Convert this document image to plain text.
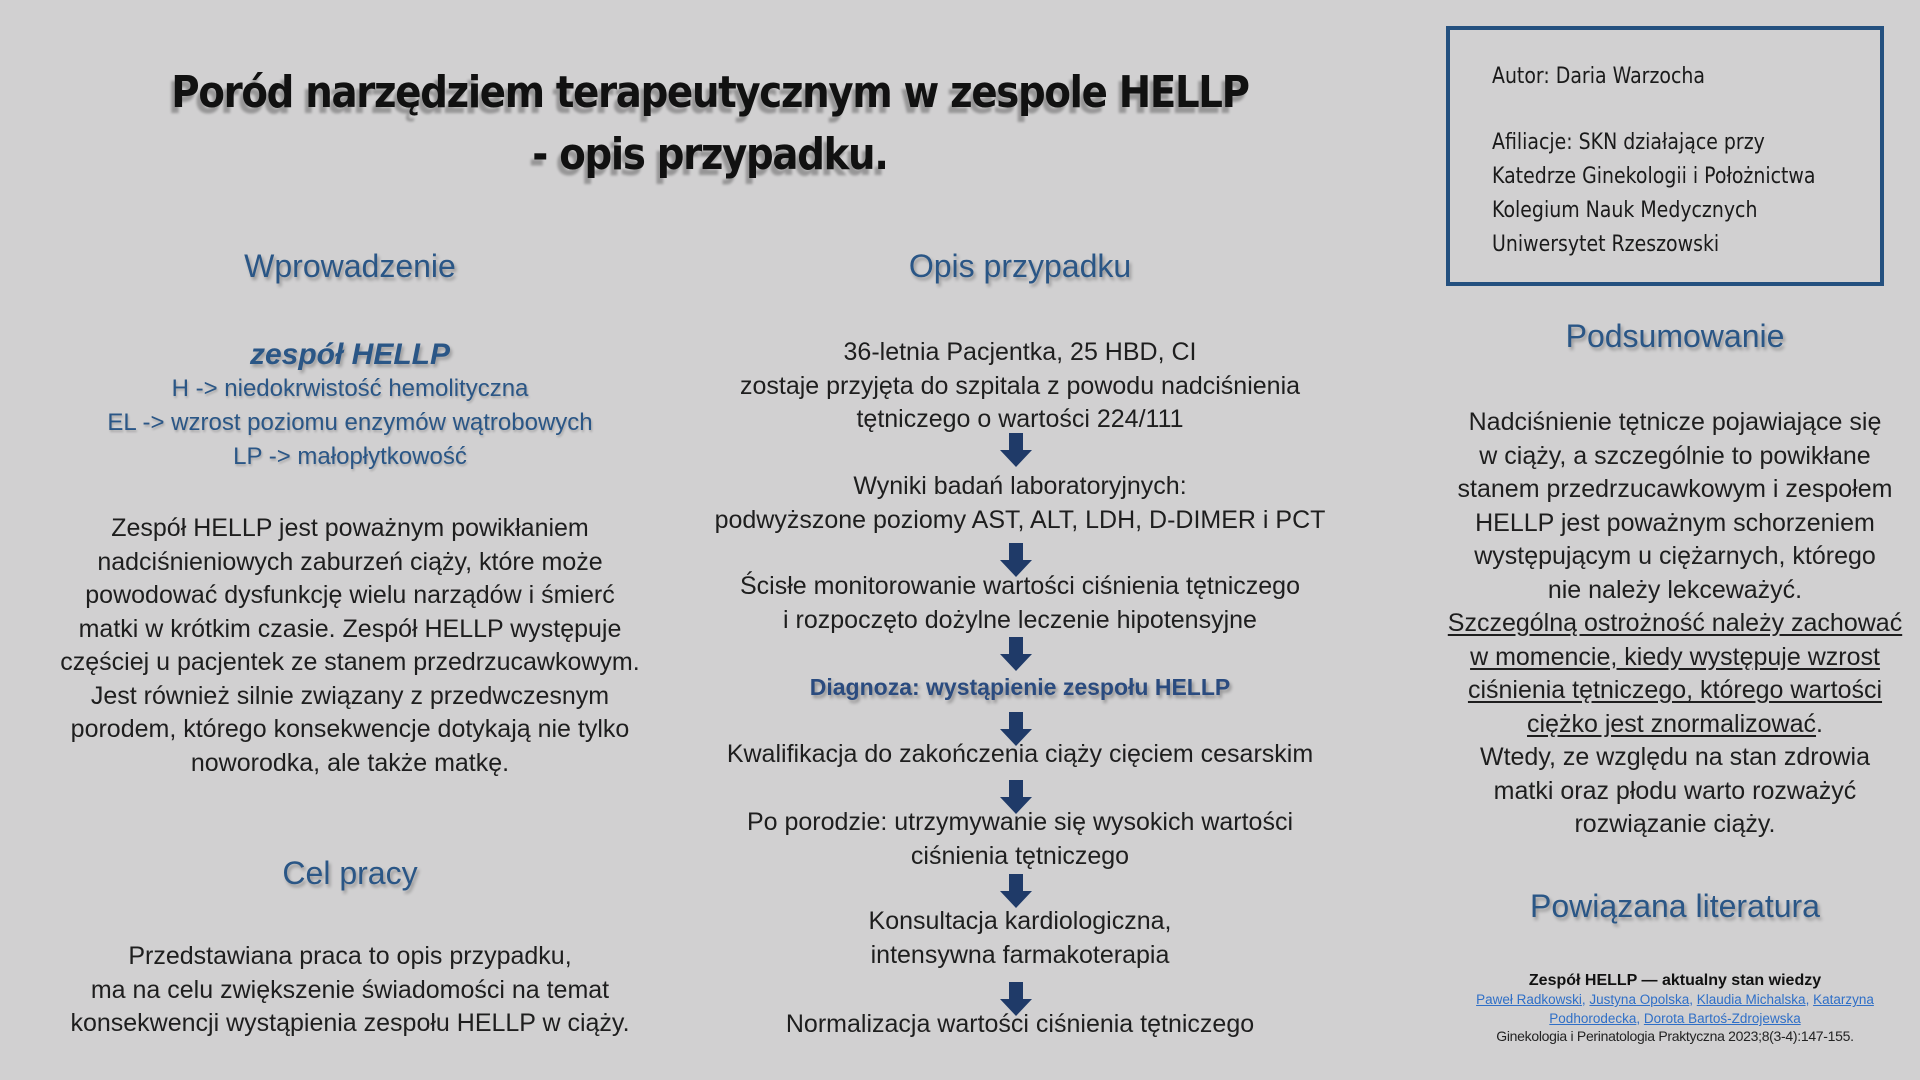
Poród narzędziem terapeutycznym w zespole HELLP
- opis przypadku.
Autor: Daria Warzocha
Afiliacje: SKN działające przy
Katedrze Ginekologii i Położnictwa
Kolegium Nauk Medycznych
Uniwersytet Rzeszowski
Wprowadzenie
zespół HELLP
H -> niedokrwistość hemolityczna
EL -> wzrost poziomu enzymów wątrobowych
LP -> małopłytkowość
Zespół HELLP jest poważnym powikłaniem
nadciśnieniowych zaburzeń ciąży, które może
powodować dysfunkcję wielu narządów i śmierć
matki w krótkim czasie. Zespół HELLP występuje
częściej u pacjentek ze stanem przedrzucawkowym.
Jest również silnie związany z przedwczesnym
porodem, którego konsekwencje dotykają nie tylko
noworodka, ale także matkę.
Cel pracy
Przedstawiana praca to opis przypadku,
ma na celu zwiększenie świadomości na temat
konsekwencji wystąpienia zespołu HELLP w ciąży.
Opis przypadku
36-letnia Pacjentka, 25 HBD, CI
zostaje przyjęta do szpitala z powodu nadciśnienia
tętniczego o wartości 224/111
Wyniki badań laboratoryjnych:
podwyższone poziomy AST, ALT, LDH, D-DIMER i PCT
Ścisłe monitorowanie wartości ciśnienia tętniczego
i rozpoczęto dożylne leczenie hipotensyjne
Diagnoza: wystąpienie zespołu HELLP
Kwalifikacja do zakończenia ciąży cięciem cesarskim
Po porodzie: utrzymywanie się wysokich wartości
ciśnienia tętniczego
Konsultacja kardiologiczna,
intensywna farmakoterapia
Normalizacja wartości ciśnienia tętniczego
Podsumowanie
Nadciśnienie tętnicze pojawiające się
w ciąży, a szczególnie to powikłane
stanem przedrzucawkowym i zespołem
HELLP jest poważnym schorzeniem
występującym u ciężarnych, którego
nie należy lekceważyć.
Szczególną ostrożność należy zachować
w momencie, kiedy występuje wzrost
ciśnienia tętniczego, którego wartości
ciężko jest znormalizować.
Wtedy, ze względu na stan zdrowia
matki oraz płodu warto rozważyć
rozwiązanie ciąży.
Powiązana literatura
Zespół HELLP — aktualny stan wiedzy
Paweł Radkowski, Justyna Opolska, Klaudia Michalska, Katarzyna Podhorodecka, Dorota Bartoś-Zdrojewska
Ginekologia i Perinatologia Praktyczna 2023;8(3-4):147-155.
